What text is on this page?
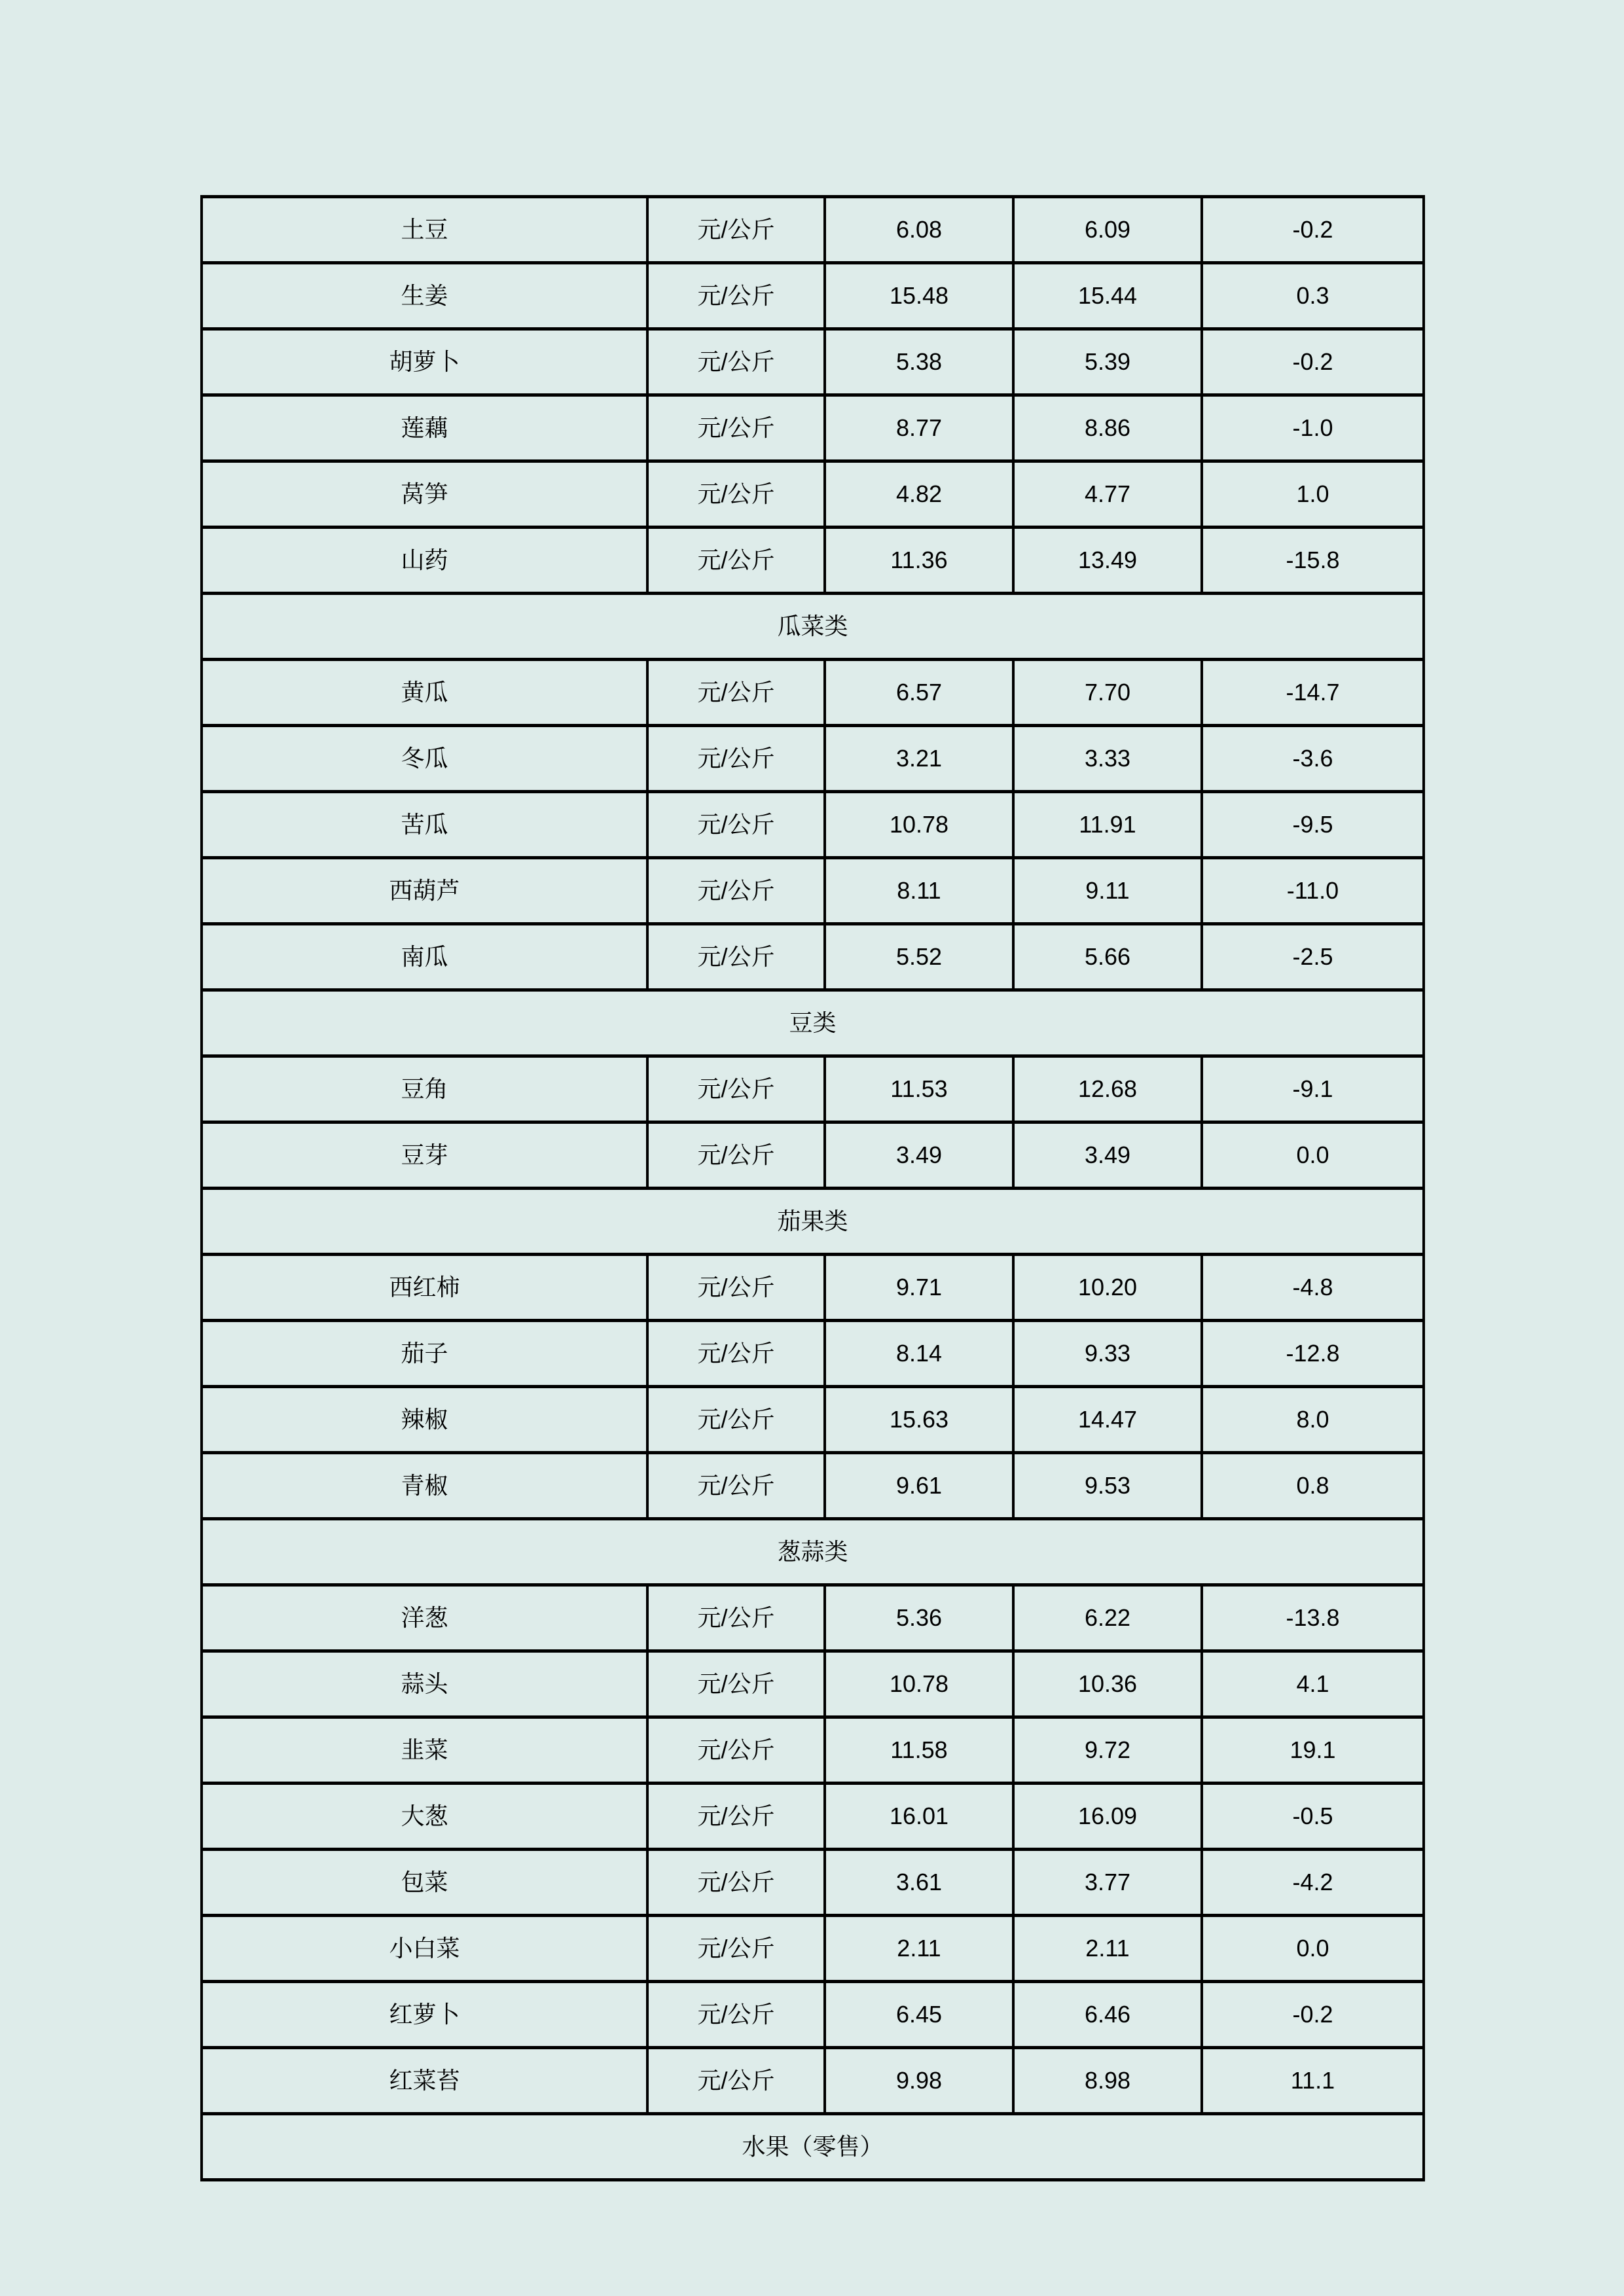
土豆	元/公斤	6.08	6.09	-0.2
生姜	元/公斤	15.48	15.44	0.3
胡萝卜	元/公斤	5.38	5.39	-0.2
莲藕	元/公斤	8.77	8.86	-1.0
莴笋	元/公斤	4.82	4.77	1.0
山药	元/公斤	11.36	13.49	-15.8
瓜菜类				
黄瓜	元/公斤	6.57	7.70	-14.7
冬瓜	元/公斤	3.21	3.33	-3.6
苦瓜	元/公斤	10.78	11.91	-9.5
西葫芦	元/公斤	8.11	9.11	-11.0
南瓜	元/公斤	5.52	5.66	-2.5
豆类				
豆角	元/公斤	11.53	12.68	-9.1
豆芽	元/公斤	3.49	3.49	0.0
茄果类				
西红柿	元/公斤	9.71	10.20	-4.8
茄子	元/公斤	8.14	9.33	-12.8
辣椒	元/公斤	15.63	14.47	8.0
青椒	元/公斤	9.61	9.53	0.8
葱蒜类				
洋葱	元/公斤	5.36	6.22	-13.8
蒜头	元/公斤	10.78	10.36	4.1
韭菜	元/公斤	11.58	9.72	19.1
大葱	元/公斤	16.01	16.09	-0.5
包菜	元/公斤	3.61	3.77	-4.2
小白菜	元/公斤	2.11	2.11	0.0
红萝卜	元/公斤	6.45	6.46	-0.2
红菜苔	元/公斤	9.98	8.98	11.1
水果（零售）				
